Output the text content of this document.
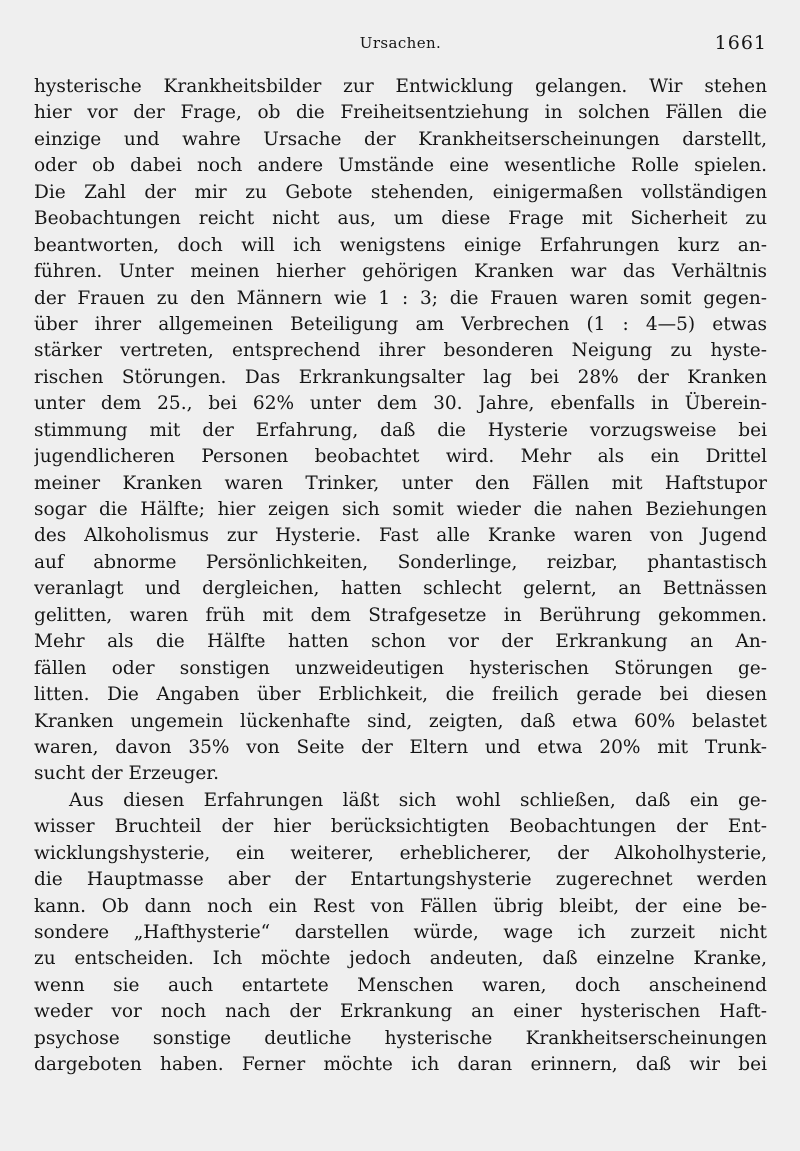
Ursachen.	1661
hysterische Krankheitsbilder zur Entwicklung gelangen. Wir stehen
hier vor der Frage, ob die Freiheitsentziehung in solchen Fällen die
einzige und wahre Ursache der Krankheitserscheinungen darstellt,
oder ob dabei noch andere Umstände eine wesentliche Rolle spielen.
Die Zahl der mir zu Gebote stehenden, einigermaßen vollständigen
Beobachtungen reicht nicht aus, um diese Frage mit Sicherheit zu
beantworten, doch will ich wenigstens einige Erfahrungen kurz an-
führen. Unter meinen hierher gehörigen Kranken war das Verhältnis
der Frauen zu den Männern wie 1 : 3; die Frauen waren somit gegen-
über ihrer allgemeinen Beteiligung am Verbrechen (1 : 4—5) etwas
stärker vertreten, entsprechend ihrer besonderen Neigung zu hyste-
rischen Störungen. Das Erkrankungsalter lag bei 28% der Kranken
unter dem 25., bei 62% unter dem 30. Jahre, ebenfalls in Überein-
stimmung mit der Erfahrung, daß die Hysterie vorzugsweise bei
jugendlicheren Personen beobachtet wird. Mehr als ein Drittel
meiner Kranken waren Trinker, unter den Fällen mit Haftstupor
sogar die Hälfte; hier zeigen sich somit wieder die nahen Beziehungen
des Alkoholismus zur Hysterie. Fast alle Kranke waren von Jugend
auf abnorme Persönlichkeiten, Sonderlinge, reizbar, phantastisch
veranlagt und dergleichen, hatten schlecht gelernt, an Bettnässen
gelitten, waren früh mit dem Strafgesetze in Berührung gekommen.
Mehr als die Hälfte hatten schon vor der Erkrankung an An-
fällen oder sonstigen unzweideutigen hysterischen Störungen ge-
litten. Die Angaben über Erblichkeit, die freilich gerade bei diesen
Kranken ungemein lückenhafte sind, zeigten, daß etwa 60% belastet
waren, davon 35% von Seite der Eltern und etwa 20% mit Trunk-
sucht der Erzeuger.
Aus diesen Erfahrungen läßt sich wohl schließen, daß ein ge-
wisser Bruchteil der hier berücksichtigten Beobachtungen der Ent-
wicklungshysterie, ein weiterer, erheblicherer, der Alkoholhysterie,
die Hauptmasse aber der Entartungshysterie zugerechnet werden
kann. Ob dann noch ein Rest von Fällen übrig bleibt, der eine be-
sondere „Hafthysterie“ darstellen würde, wage ich zurzeit nicht
zu entscheiden. Ich möchte jedoch andeuten, daß einzelne Kranke,
wenn sie auch entartete Menschen waren, doch anscheinend
weder vor noch nach der Erkrankung an einer hysterischen Haft-
psychose sonstige deutliche hysterische Krankheitserscheinungen
dargeboten haben. Ferner möchte ich daran erinnern, daß wir bei
